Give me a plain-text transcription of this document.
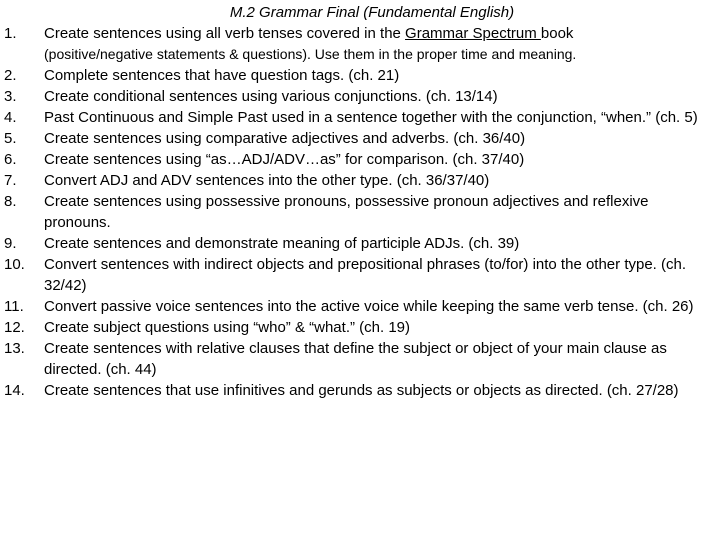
M.2 Grammar Final (Fundamental English)
1.	Create sentences using all verb tenses covered in the Grammar Spectrum book
(positive/negative statements & questions). Use them in the proper time and meaning.
2.	Complete sentences that have question tags. (ch. 21)
3.	Create conditional sentences using various conjunctions. (ch. 13/14)
4.	Past Continuous and Simple Past used in a sentence together with the conjunction, “when.” (ch. 5)
5.	Create sentences using comparative adjectives and adverbs. (ch. 36/40)
6.	Create sentences using “as…ADJ/ADV…as” for comparison. (ch. 37/40)
7.	Convert ADJ and ADV sentences into the other type. (ch. 36/37/40)
8.	Create sentences using possessive pronouns, possessive pronoun adjectives and reflexive pronouns.
9.	Create sentences and demonstrate meaning of participle ADJs. (ch. 39)
10.	Convert sentences with indirect objects and prepositional phrases (to/for) into the other type. (ch. 32/42)
11.	Convert passive voice sentences into the active voice while keeping the same verb tense. (ch. 26)
12.	Create subject questions using “who” & “what.” (ch. 19)
13.	Create sentences with relative clauses that define the subject or object of your main clause as directed. (ch. 44)
14.	Create sentences that use infinitives and gerunds as subjects or objects as directed. (ch. 27/28)
